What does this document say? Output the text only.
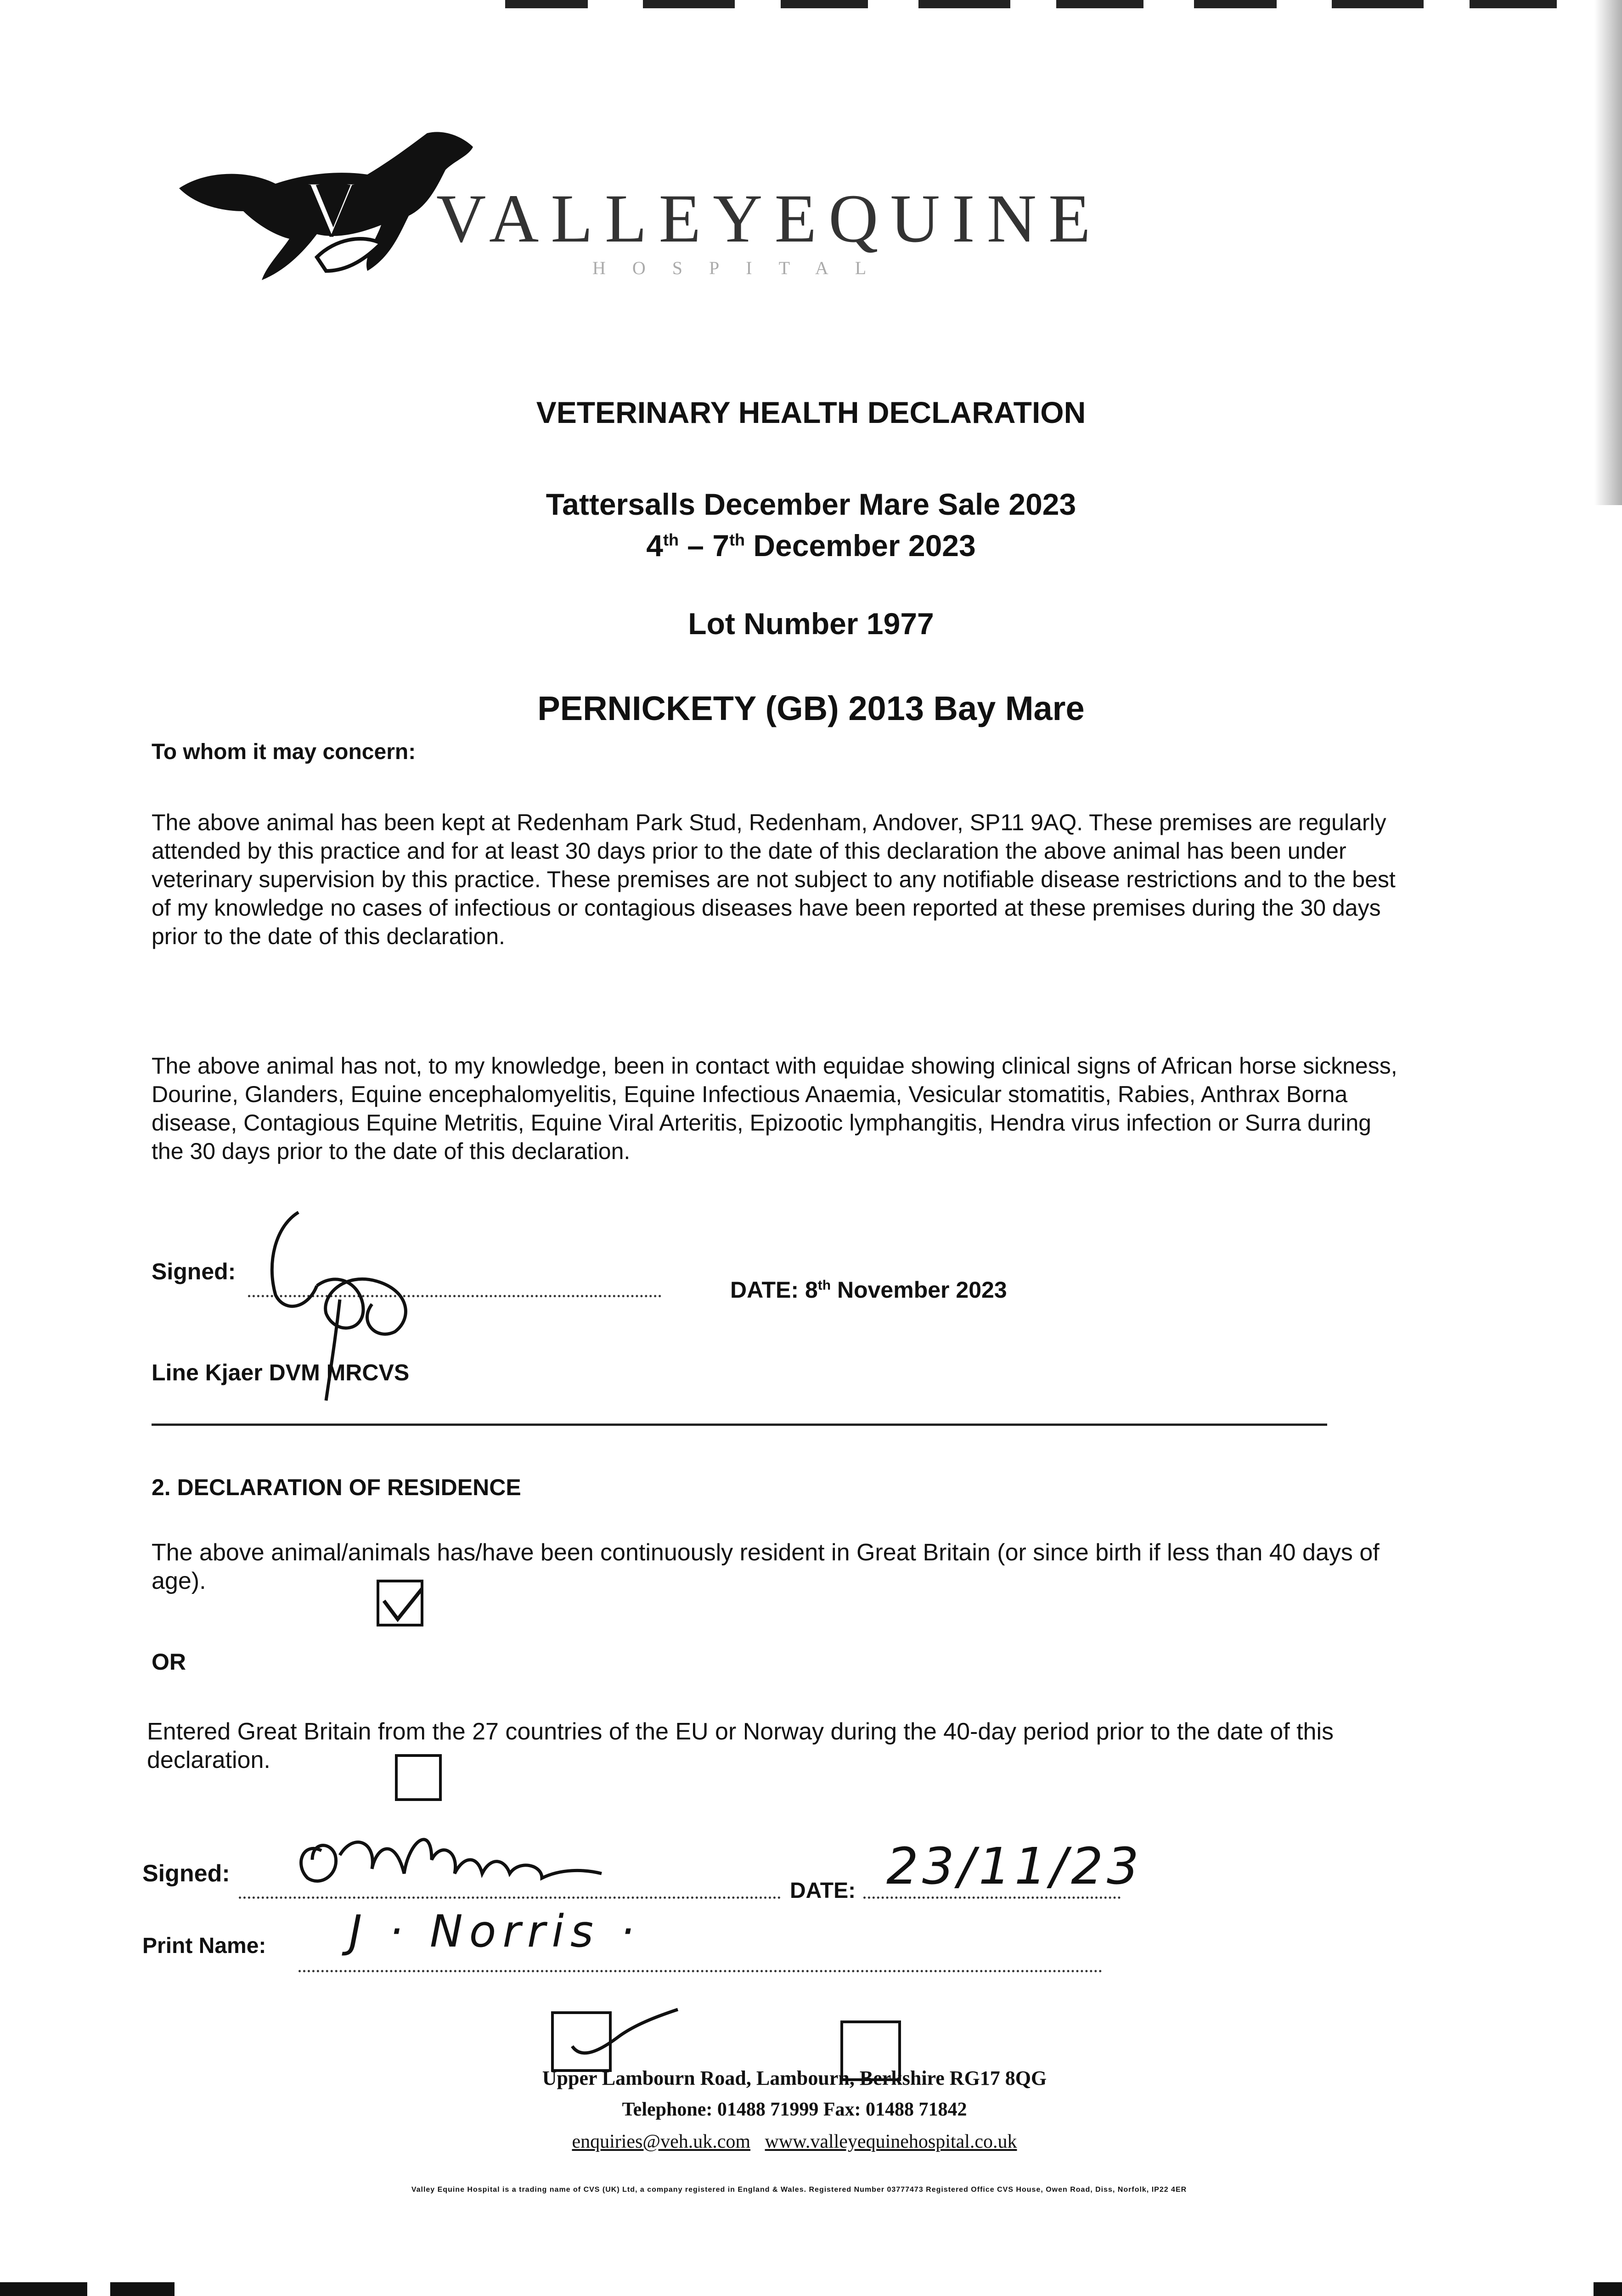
V VALLEYEQUINE
HOSPITAL
VETERINARY HEALTH DECLARATION
Tattersalls December Mare Sale 2023
4th – 7th December 2023
Lot Number 1977
PERNICKETY (GB) 2013 Bay Mare
To whom it may concern:
The above animal has been kept at Redenham Park Stud, Redenham, Andover, SP11 9AQ. These premises are regularly attended by this practice and for at least 30 days prior to the date of this declaration the above animal has been under veterinary supervision by this practice. These premises are not subject to any notifiable disease restrictions and to the best of my knowledge no cases of infectious or contagious diseases have been reported at these premises during the 30 days prior to the date of this declaration.
The above animal has not, to my knowledge, been in contact with equidae showing clinical signs of African horse sickness, Dourine, Glanders, Equine encephalomyelitis, Equine Infectious Anaemia, Vesicular stomatitis, Rabies, Anthrax Borna disease, Contagious Equine Metritis, Equine Viral Arteritis, Epizootic lymphangitis, Hendra virus infection or Surra during the 30 days prior to the date of this declaration.
Signed:
DATE: 8th November 2023
Line Kjaer DVM MRCVS
2. DECLARATION OF RESIDENCE
The above animal/animals has/have been continuously resident in Great Britain (or since birth if less than 40 days of age).
OR
Entered Great Britain from the 27 countries of the EU or Norway during the 40-day period prior to the date of this declaration.
Signed:
DATE: 23/11/23
Print Name: J · Norris ·
Upper Lambourn Road, Lambourn, Berkshire RG17 8QG
Telephone: 01488 71999 Fax: 01488 71842
enquiries@veh.uk.com www.valleyequinehospital.co.uk
Valley Equine Hospital is a trading name of CVS (UK) Ltd, a company registered in England & Wales. Registered Number 03777473 Registered Office CVS House, Owen Road, Diss, Norfolk, IP22 4ER
